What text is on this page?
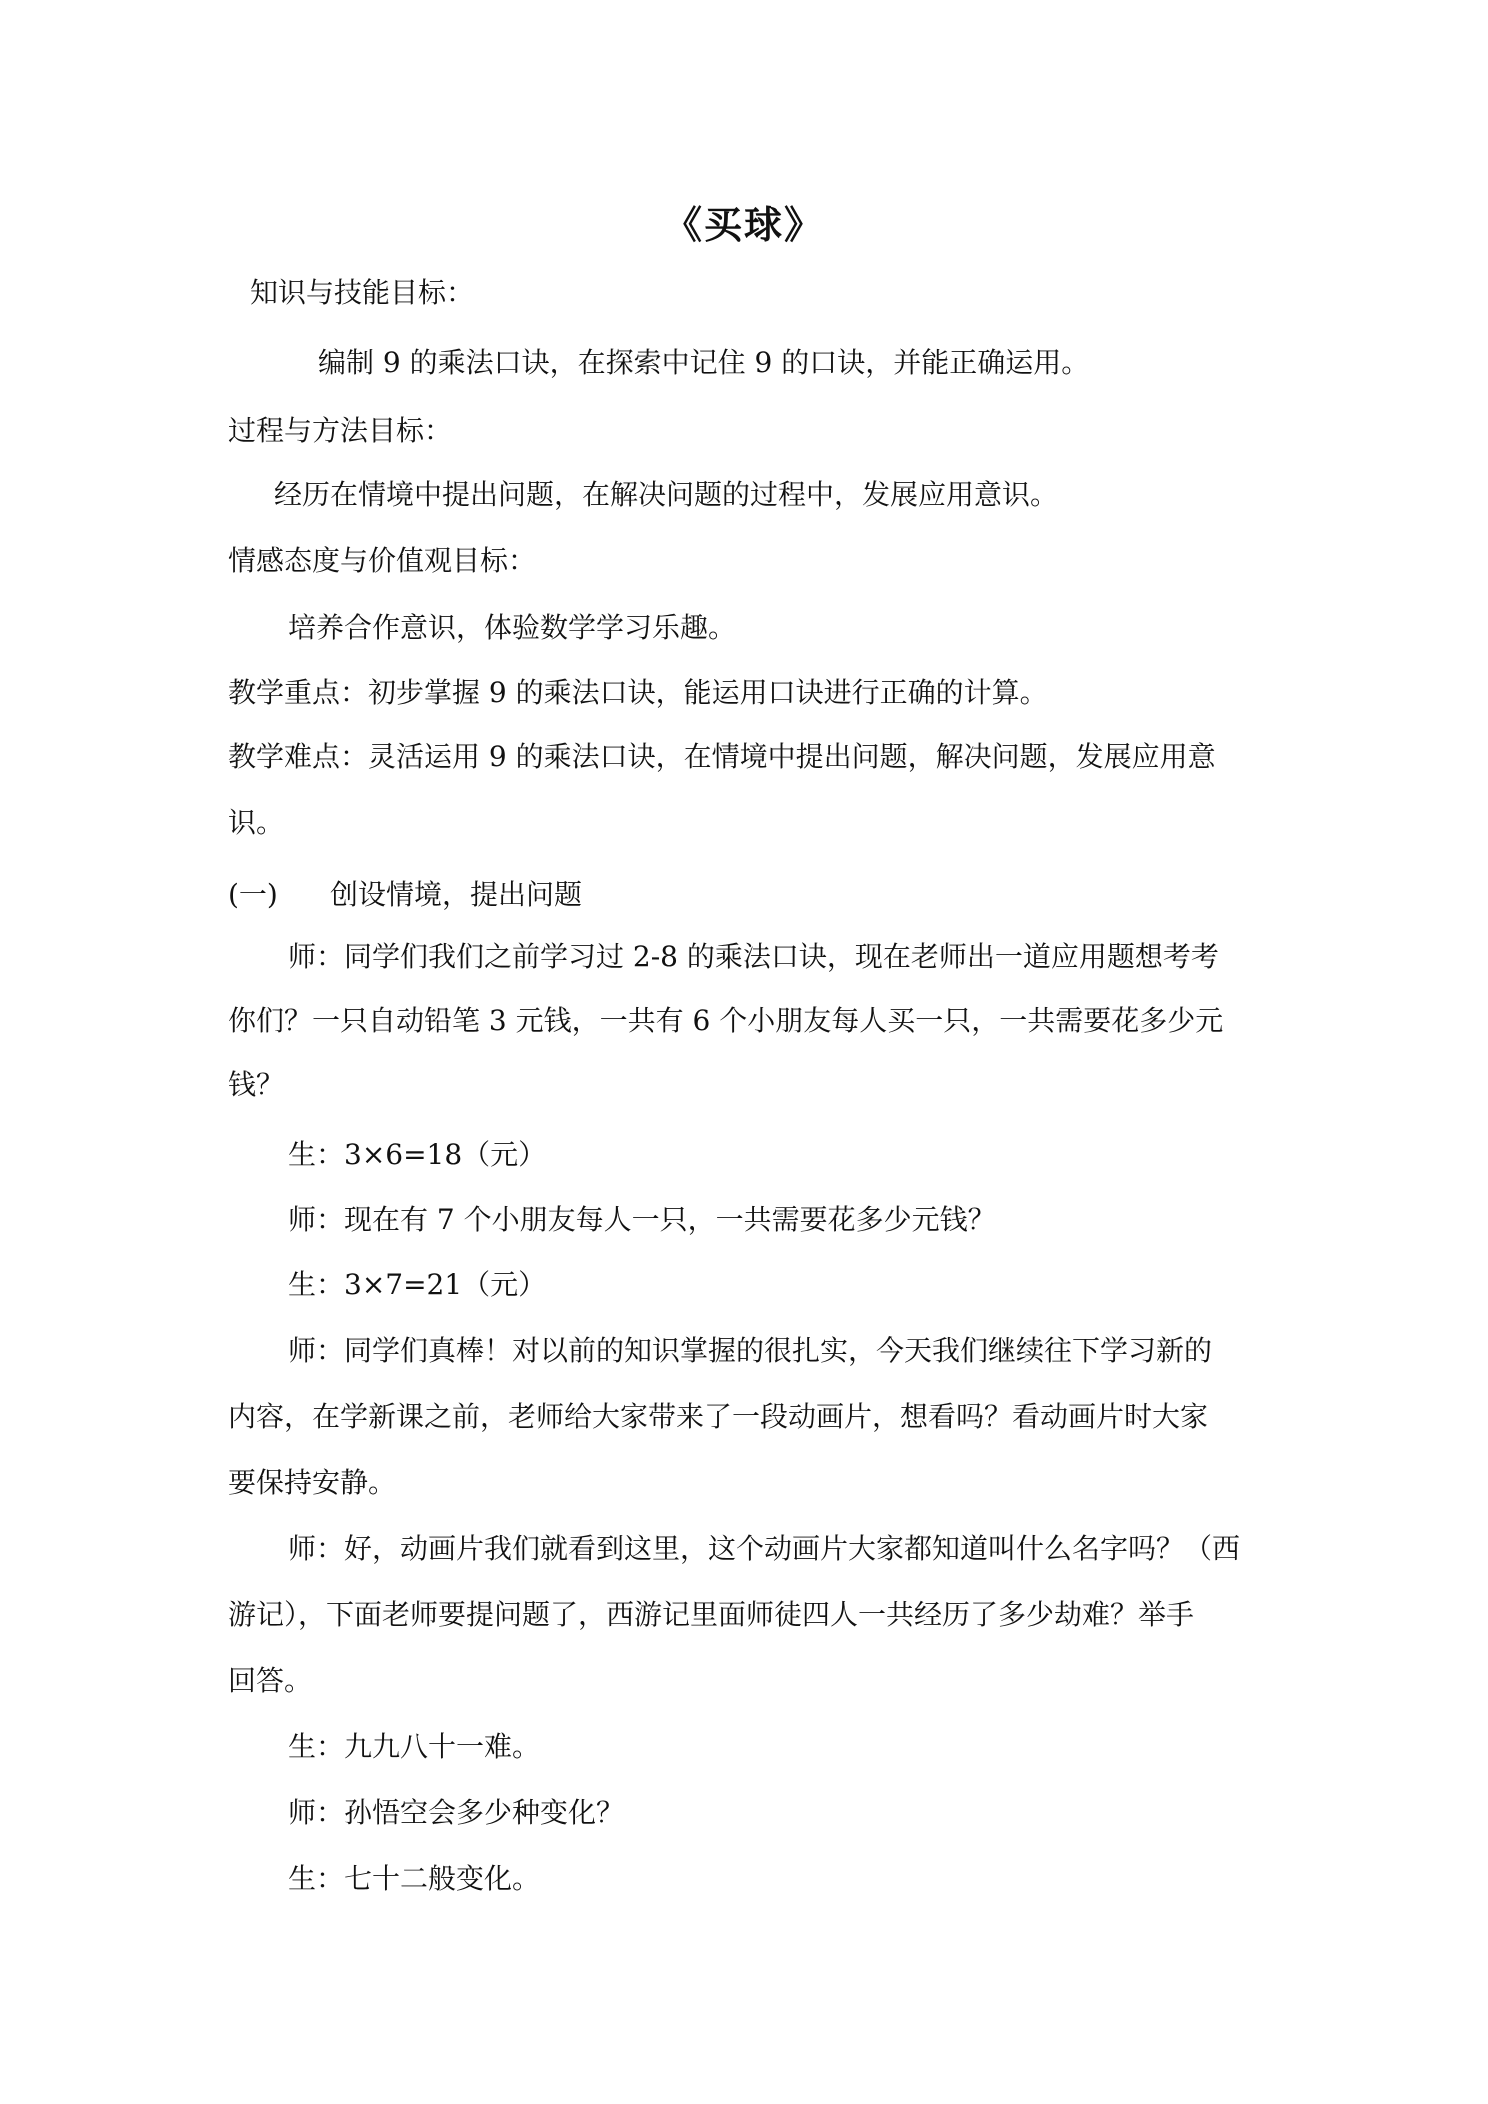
《买球》
知识与技能目标：
编制 9 的乘法口诀，在探索中记住 9 的口诀，并能正确运用。
过程与方法目标：
经历在情境中提出问题，在解决问题的过程中，发展应用意识。
情感态度与价值观目标：
培养合作意识，体验数学学习乐趣。
教学重点：初步掌握 9 的乘法口诀，能运用口诀进行正确的计算。
教学难点：灵活运用 9 的乘法口诀，在情境中提出问题，解决问题，发展应用意
识。
(一) 创设情境，提出问题
师：同学们我们之前学习过 2-8 的乘法口诀，现在老师出一道应用题想考考
你们？一只自动铅笔 3 元钱，一共有 6 个小朋友每人买一只，一共需要花多少元
钱？
生：3×6=18（元）
师：现在有 7 个小朋友每人一只，一共需要花多少元钱？
生：3×7=21（元）
师：同学们真棒！对以前的知识掌握的很扎实，今天我们继续往下学习新的
内容，在学新课之前，老师给大家带来了一段动画片，想看吗？看动画片时大家
要保持安静。
师：好，动画片我们就看到这里，这个动画片大家都知道叫什么名字吗？（西
游记），下面老师要提问题了，西游记里面师徒四人一共经历了多少劫难？举手
回答。
生：九九八十一难。
师：孙悟空会多少种变化？
生：七十二般变化。
